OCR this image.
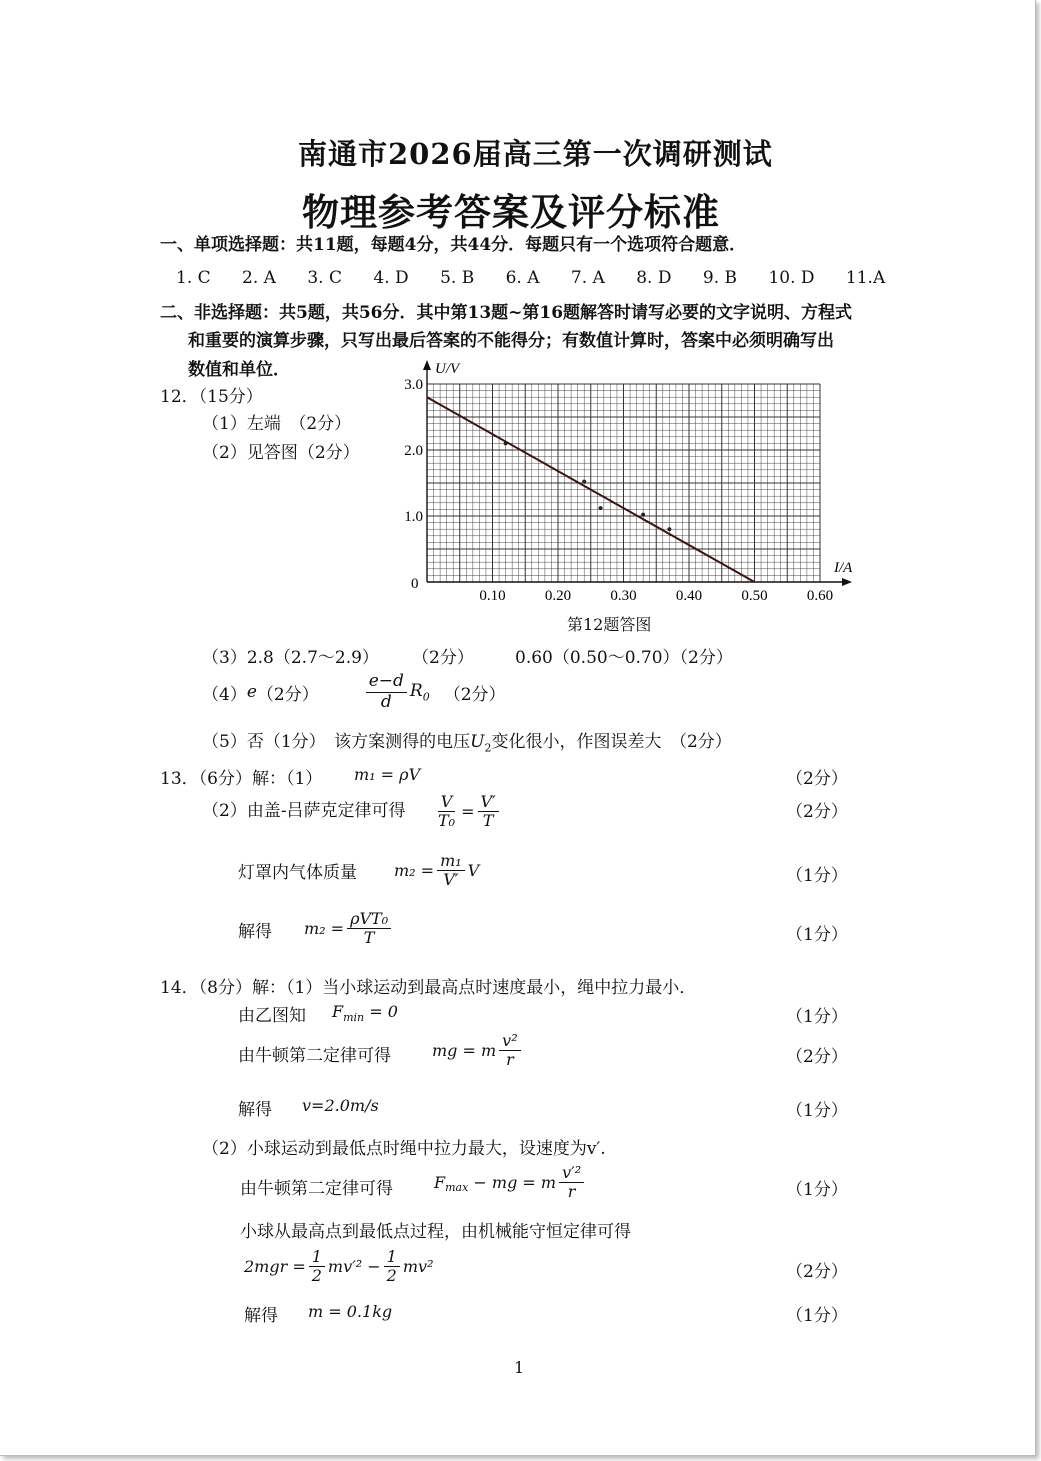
南通市2026届高三第一次调研测试
物理参考答案及评分标准
一、单项选择题：共11题，每题4分，共44分．每题只有一个选项符合题意．
1. C 2. A 3. C 4. D 5. B 6. A 7. A 8. D 9. B 10. D 11.A
二、非选择题：共5题，共56分．其中第13题~第16题解答时请写必要的文字说明、方程式
和重要的演算步骤，只写出最后答案的不能得分；有数值计算时，答案中必须明确写出
数值和单位．
12．（15分）
（1）左端　（2分）
（2）见答图（2分）
U/V
I/A
0
0.10	0.20	0.30	0.40	0.50	0.60
3.0
2.0
1.0
第12题答图
（3）2.8（2.7～2.9） （2分） 0.60（0.50～0.70）（2分）
（4） e （2分）	$\frac{e-d}{d} R_0$ （2分）
（5）否（1分）　该方案测得的电压$U_2$变化很小，作图误差大　（2分）
13．（6分）解：（1） m₁ = ρV	（2分）
（2）由盖-吕萨克定律可得 $\frac{V}{\text{T₀}} = \frac{V'}{T}$	（2分）
灯罩内气体质量 $m_2 = \frac{\text{m₁}}{V'}$ V	（1分）
解得 $m_2 = \frac{\text{ρVT₀}}{T}$	（1分）
14．（8分）解：（1）当小球运动到最高点时速度最小，绳中拉力最小．
由乙图知 $F_{min} = 0$	（1分）
由牛顿第二定律可得	mg = m $\frac{\text{v²}}{r}$	（2分）
解得 v=2.0m/s	（1分）
（2）小球运动到最低点时绳中拉力最大，设速度为v′.
由牛顿第二定律可得	$F_{max}$ − mg = m $\frac{\text{v′²}}{r}$	（1分）
小球从最高点到最低点过程，由机械能守恒定律可得
$2mgr = \frac{1}{2} mv'^2 - \frac{1}{2} mv^2$	（2分）
解得 m = 0.1kg	（1分）
1
